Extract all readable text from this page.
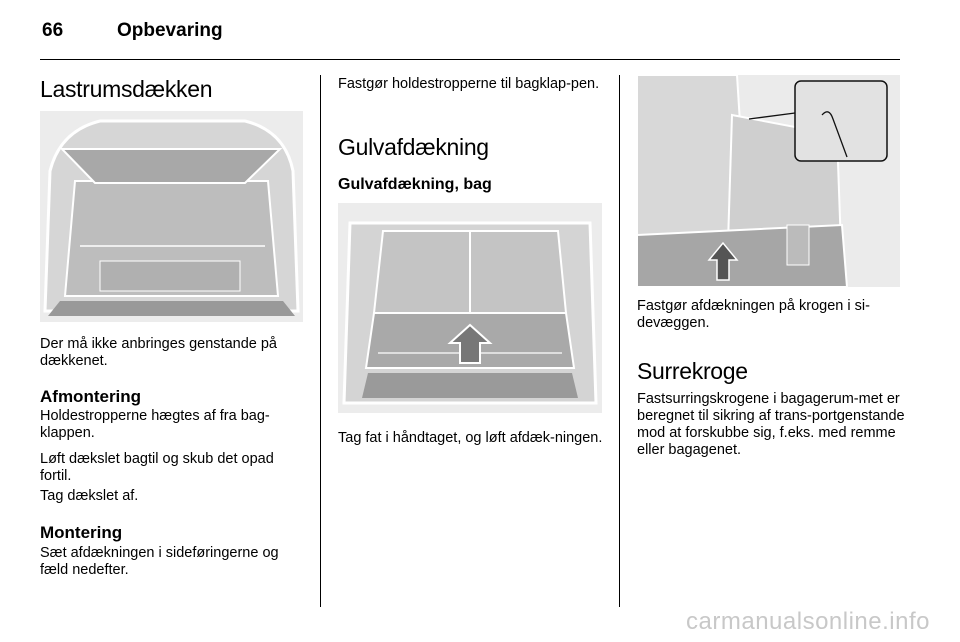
66	Opbevaring
Lastrumsdækken
Der må ikke anbringes genstande på dækkenet.
Afmontering
Holdestropperne hægtes af fra bag-klappen.
Løft dækslet bagtil og skub det opad fortil.
Tag dækslet af.
Montering
Sæt afdækningen i sideføringerne og fæld nedefter.
Fastgør holdestropperne til bagklap-pen.
Gulvafdækning
Gulvafdækning, bag
Tag fat i håndtaget, og løft afdæk-ningen.
Fastgør afdækningen på krogen i si-devæggen.
Surrekroge
Fastsurringskrogene i bagagerum-met er beregnet til sikring af trans-portgenstande mod at forskubbe sig, f.eks. med remme eller bagagenet.
carmanualsonline.info
